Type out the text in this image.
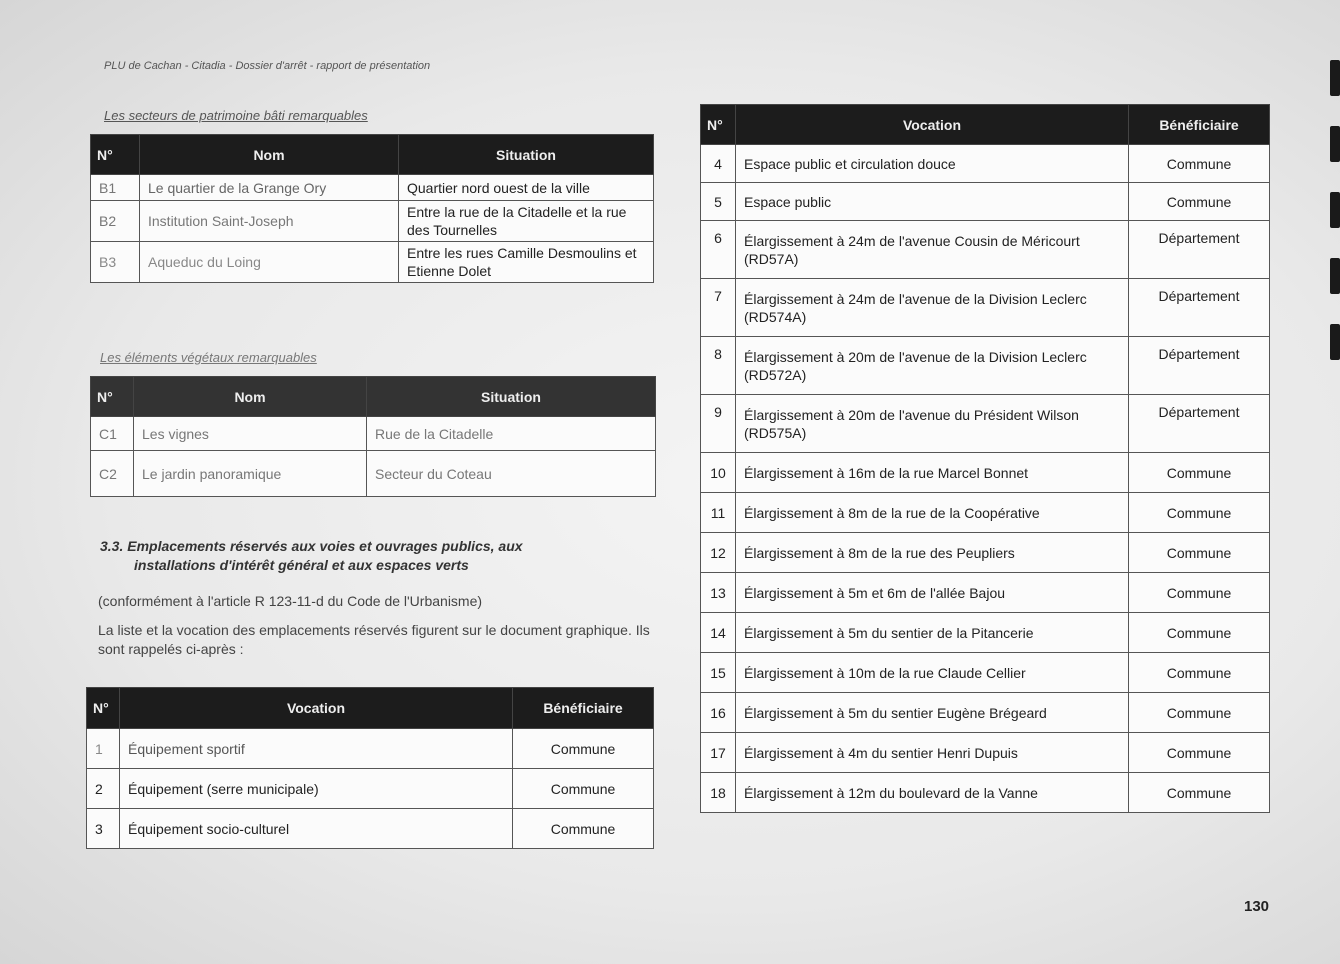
PLU de Cachan - Citadia - Dossier d'arrêt - rapport de présentation
Les secteurs de patrimoine bâti remarquables
N°	Nom	Situation
B1	Le quartier de la Grange Ory	Quartier nord ouest de la ville
B2	Institution Saint-Joseph	Entre la rue de la Citadelle et la rue des Tournelles
B3	Aqueduc du Loing	Entre les rues Camille Desmoulins et Etienne Dolet
Les éléments végétaux remarquables
N°	Nom	Situation
C1	Les vignes	Rue de la Citadelle
C2	Le jardin panoramique	Secteur du Coteau
3.3. Emplacements réservés aux voies et ouvrages publics, aux
installations d'intérêt général et aux espaces verts
(conformément à l'article R 123-11-d du Code de l'Urbanisme)
La liste et la vocation des emplacements réservés figurent sur le document graphique. Ils sont rappelés ci-après :
N°	Vocation	Bénéficiaire
1	Équipement sportif	Commune
2	Équipement (serre municipale)	Commune
3	Équipement socio-culturel	Commune
N°	Vocation	Bénéficiaire
4	Espace public et circulation douce	Commune
5	Espace public	Commune
6	Élargissement à 24m de l'avenue Cousin de Méricourt (RD57A)	Département
7	Élargissement à 24m de l'avenue de la Division Leclerc (RD574A)	Département
8	Élargissement à 20m de l'avenue de la Division Leclerc (RD572A)	Département
9	Élargissement à 20m de l'avenue du Président Wilson (RD575A)	Département
10	Élargissement à 16m de la rue Marcel Bonnet	Commune
11	Élargissement à 8m de la rue de la Coopérative	Commune
12	Élargissement à 8m de la rue des Peupliers	Commune
13	Élargissement à 5m et 6m de l'allée Bajou	Commune
14	Élargissement à 5m du sentier de la Pitancerie	Commune
15	Élargissement à 10m de la rue Claude Cellier	Commune
16	Élargissement à 5m du sentier Eugène Brégeard	Commune
17	Élargissement à 4m du sentier Henri Dupuis	Commune
18	Élargissement à 12m du boulevard de la Vanne	Commune
130
